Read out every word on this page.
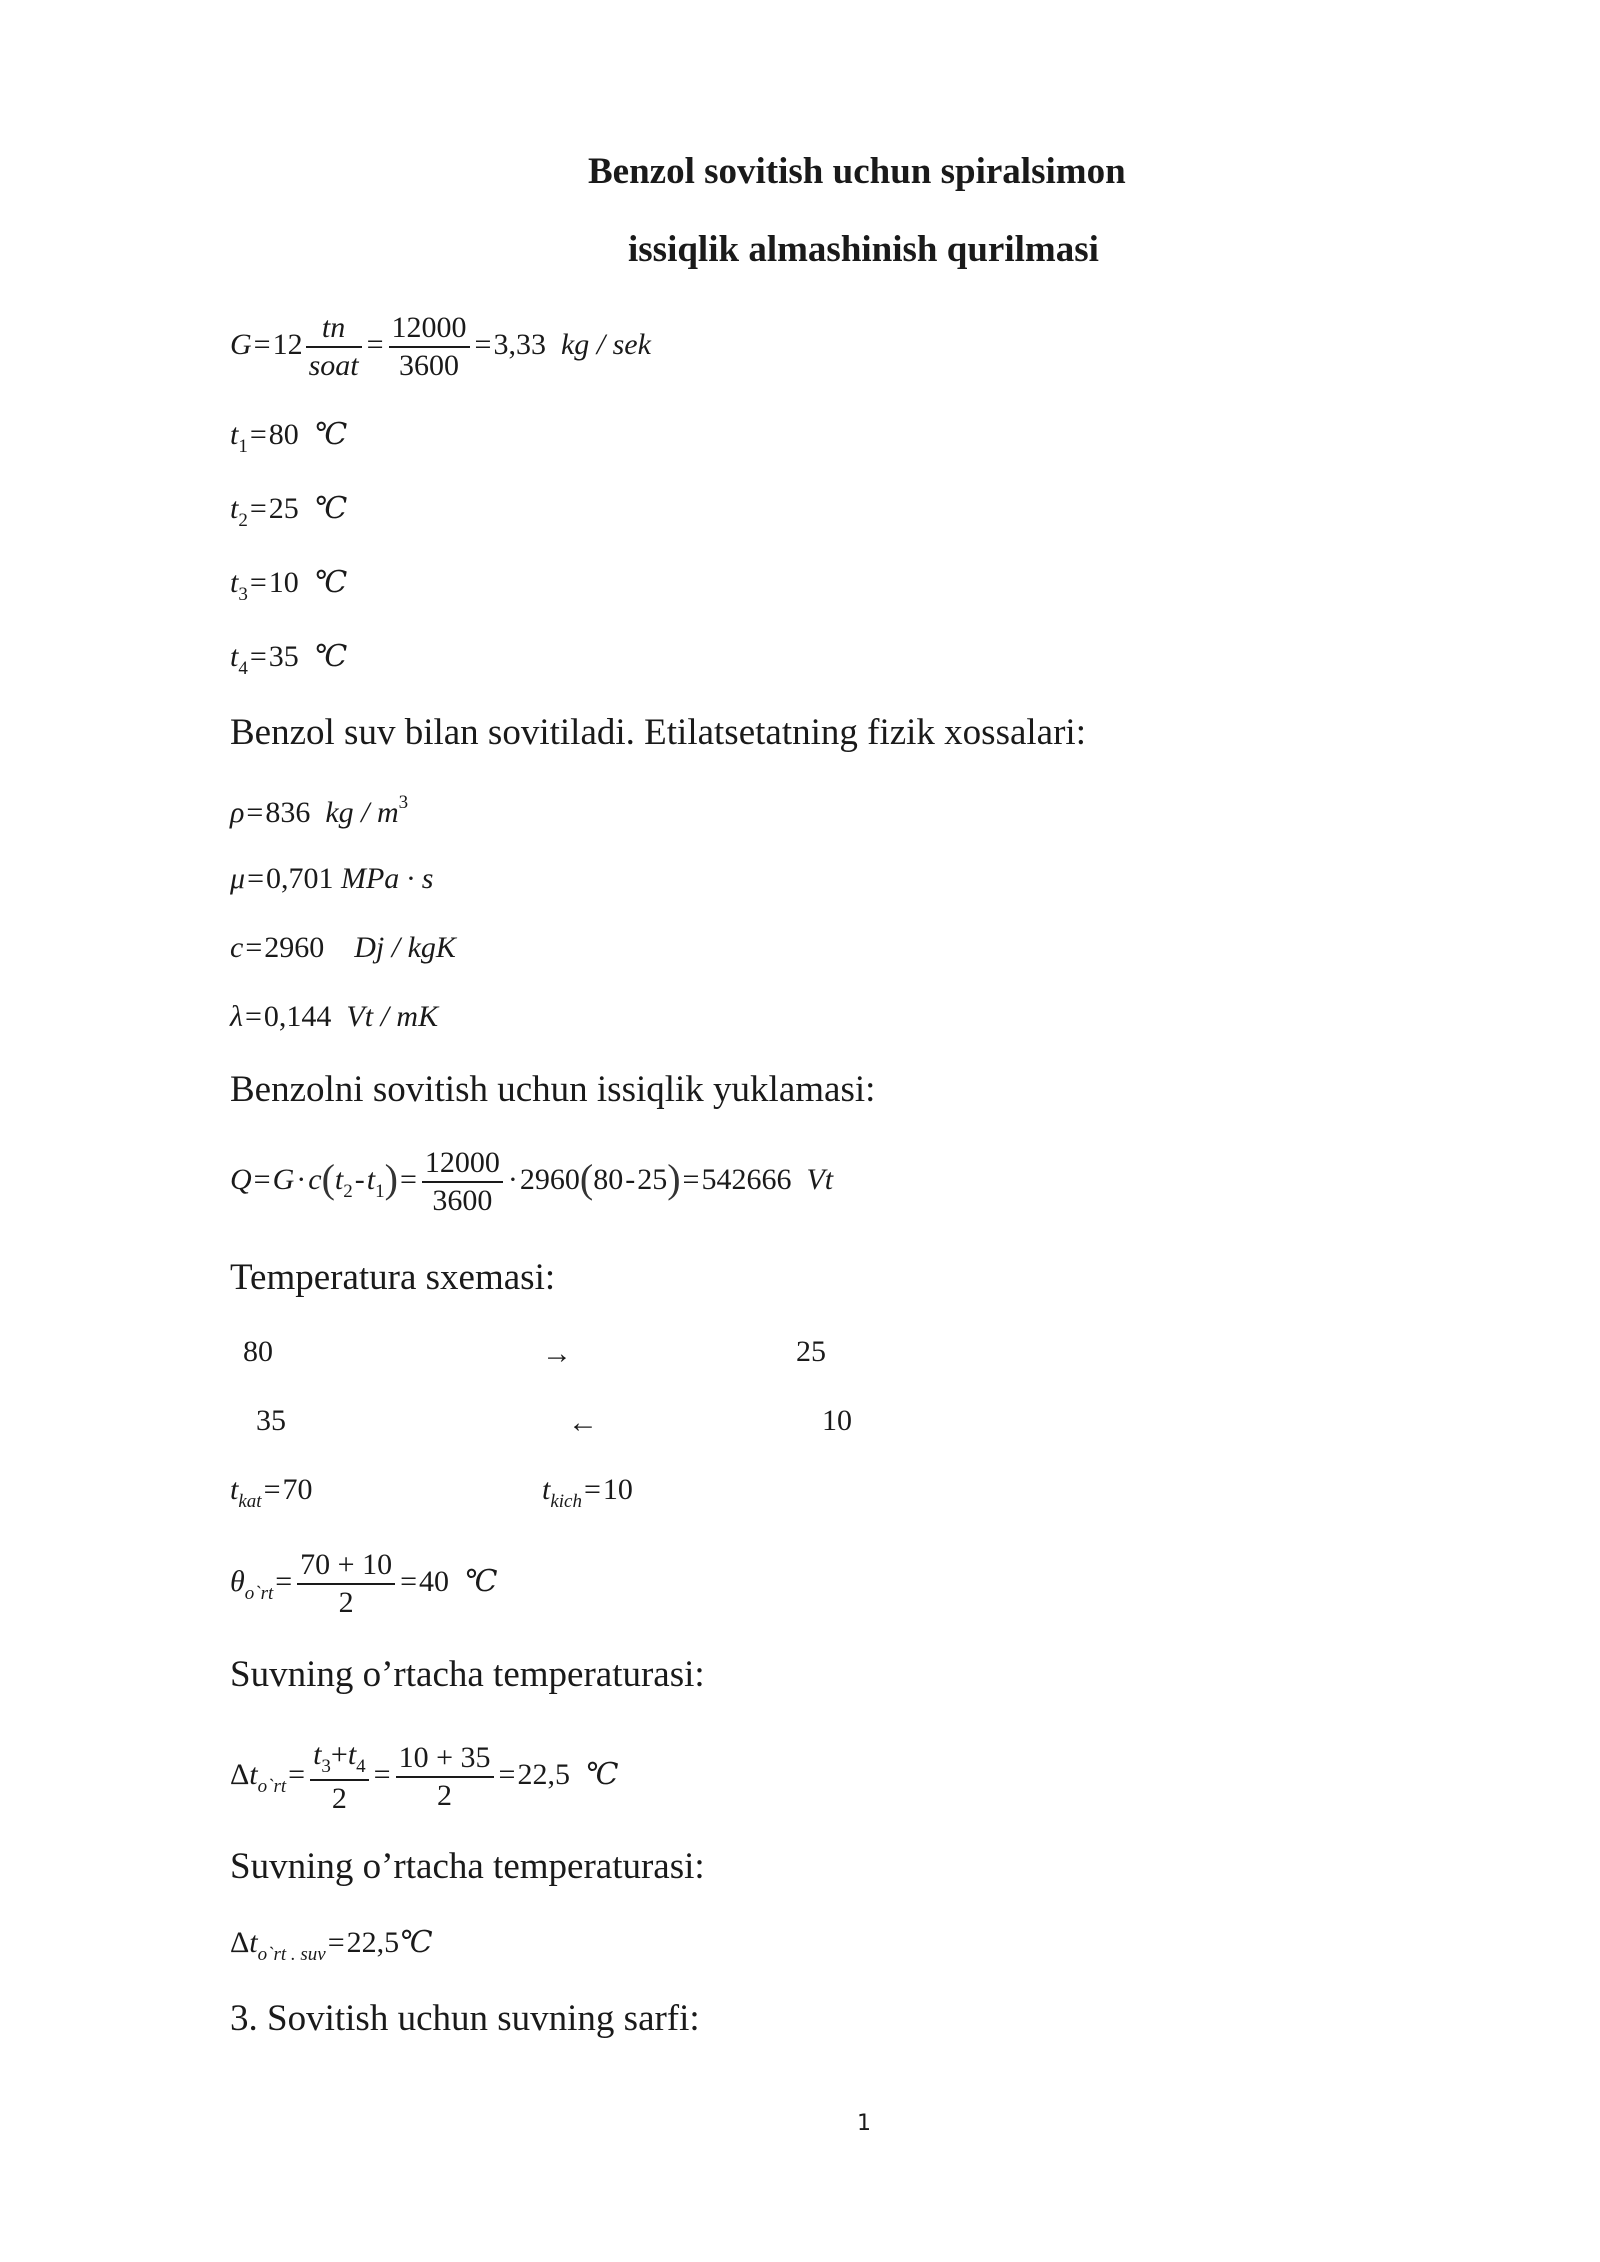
Benzol sovitish uchun spiralsimon
issiqlik almashinish qurilmasi
$G=12 \frac{tn}{\text{soat}} = \frac{12000}{3600} =3,33$ kg / sek
$t_1=80$ ℃
$t_2=25$ ℃
$t_3=10$ ℃
$t_4=35$ ℃
Benzol suv bilan sovitiladi. Etilatsetatning fizik xossalari:
ρ=836 kg / $m^3$
μ=0,701 MPa · s
c=2960 Dj / kgK
λ=0,144 Vt / mK
Benzolni sovitish uchun issiqlik yuklamasi:
$Q=G\cdot c(t_2-t_1)= \frac{12000}{3600} \cdot 2960(80-25)=542666$ Vt
Temperatura sxemasi:
80	→	25
35	←	10
$t_{kat}=70$	$t_{kich}=10$
$\theta_{o`rt}= \frac{70 + 10}{2} =40$ ℃
Suvning o’rtacha temperaturasi:
$\Delta t_{o`rt}= \frac{t_3+t_4}{2} = \frac{10 + 35}{2} =22,5$ ℃
Suvning o’rtacha temperaturasi:
$\Delta t_{o`rt . suv}=22,5℃$
3. Sovitish uchun suvning sarfi:
1
